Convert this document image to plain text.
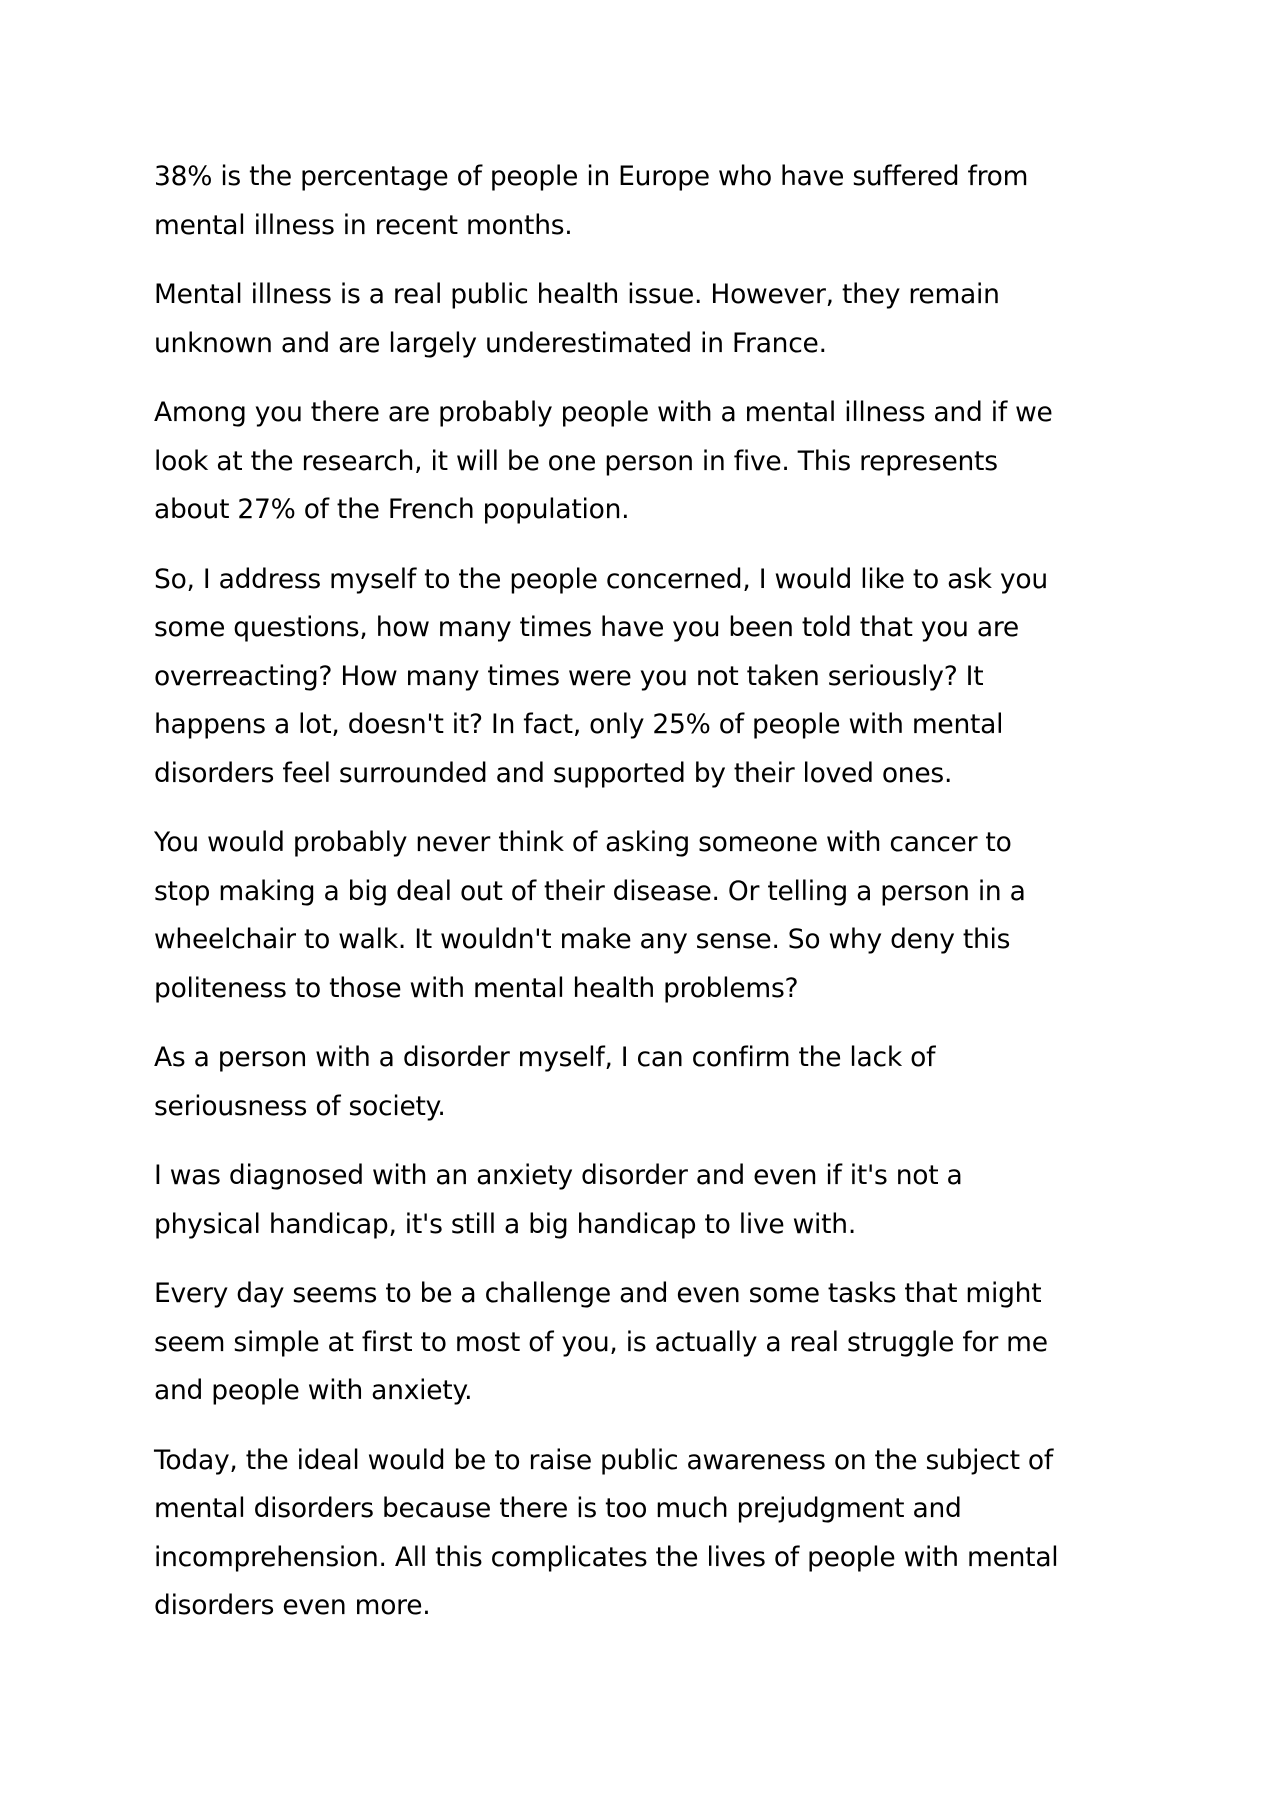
38% is the percentage of people in Europe who have suffered from
mental illness in recent months.

Mental illness is a real public health issue. However, they remain
unknown and are largely underestimated in France.

Among you there are probably people with a mental illness and if we
look at the research, it will be one person in five. This represents
about 27% of the French population.

So, I address myself to the people concerned, I would like to ask you
some questions, how many times have you been told that you are
overreacting? How many times were you not taken seriously? It
happens a lot, doesn't it? In fact, only 25% of people with mental
disorders feel surrounded and supported by their loved ones.

You would probably never think of asking someone with cancer to
stop making a big deal out of their disease. Or telling a person in a
wheelchair to walk. It wouldn't make any sense. So why deny this
politeness to those with mental health problems?

As a person with a disorder myself, I can confirm the lack of
seriousness of society.

I was diagnosed with an anxiety disorder and even if it's not a
physical handicap, it's still a big handicap to live with.

Every day seems to be a challenge and even some tasks that might
seem simple at first to most of you, is actually a real struggle for me
and people with anxiety.

Today, the ideal would be to raise public awareness on the subject of
mental disorders because there is too much prejudgment and
incomprehension. All this complicates the lives of people with mental
disorders even more.
